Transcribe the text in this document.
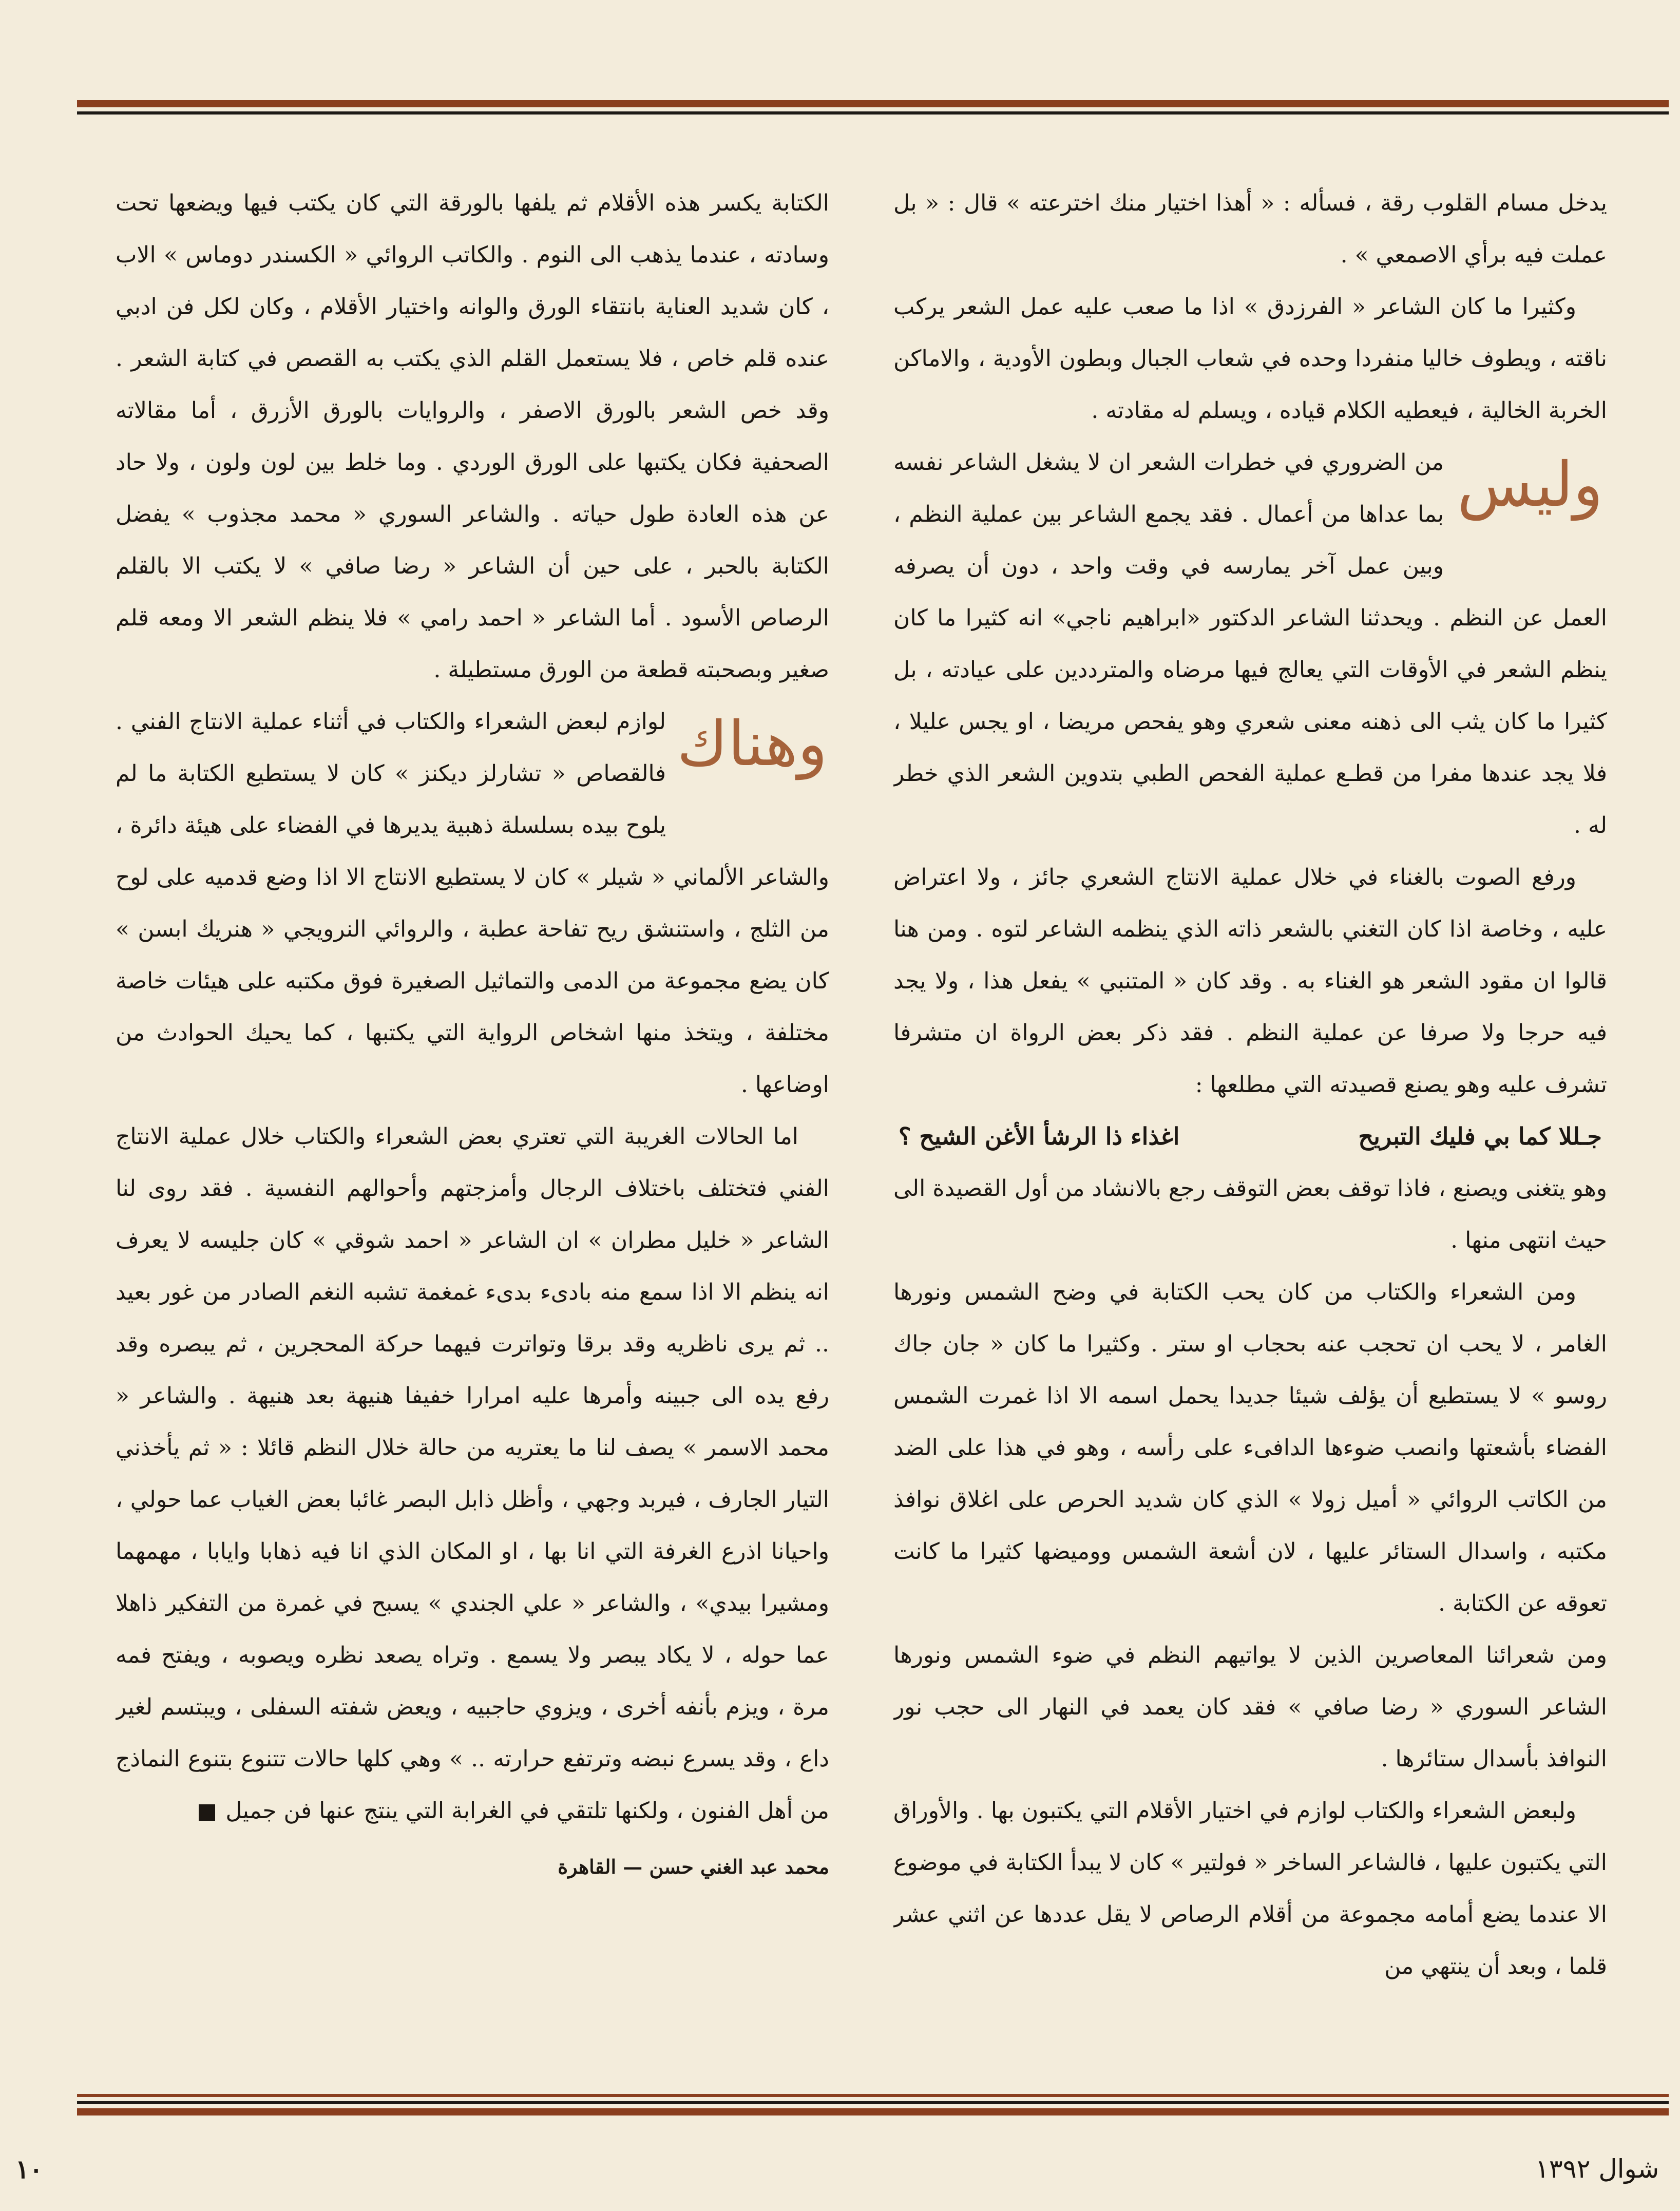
يدخل مسام القلوب رقة ، فسأله : « أهذا اختيار منك اخترعته » قال : « بل عملت فيه برأي الاصمعي » .

وكثيرا ما كان الشاعر « الفرزدق » اذا ما صعب عليه عمل الشعر يركب ناقته ، ويطوف خاليا منفردا وحده في شعاب الجبال وبطون الأودية ، والاماكن الخربة الخالية ، فيعطيه الكلام قياده ، ويسلم له مقادته .

وليس
من الضروري في خطرات الشعر ان لا يشغل الشاعر نفسه بما عداها من أعمال . فقد يجمع الشاعر بين عملية النظم ، وبين عمل آخر يمارسه في وقت واحد ، دون أن يصرفه العمل عن النظم . ويحدثنا الشاعر الدكتور «ابراهيم ناجي» انه كثيرا ما كان ينظم الشعر في الأوقات التي يعالج فيها مرضاه والمترددين على عيادته ، بل كثيرا ما كان يثب الى ذهنه معنى شعري وهو يفحص مريضا ، او يجس عليلا ، فلا يجد عندها مفرا من قطـع عملية الفحص الطبي بتدوين الشعر الذي خطر له .

ورفع الصوت بالغناء في خلال عملية الانتاج الشعري جائز ، ولا اعتراض عليه ، وخاصة اذا كان التغني بالشعر ذاته الذي ينظمه الشاعر لتوه . ومن هنا قالوا ان مقود الشعر هو الغناء به . وقد كان « المتنبي » يفعل هذا ، ولا يجد فيه حرجا ولا صرفا عن عملية النظم . فقد ذكر بعض الرواة ان متشرفا تشرف عليه وهو يصنع قصيدته التي مطلعها :

جـللا كما بي فليك التبريح
اغذاء ذا الرشأ الأغن الشيح ؟

وهو يتغنى ويصنع ، فاذا توقف بعض التوقف رجع بالانشاد من أول القصيدة الى حيث انتهى منها .

ومن الشعراء والكتاب من كان يحب الكتابة في وضح الشمس ونورها الغامر ، لا يحب ان تحجب عنه بحجاب او ستر . وكثيرا ما كان « جان جاك روسو » لا يستطيع أن يؤلف شيئا جديدا يحمل اسمه الا اذا غمرت الشمس الفضاء بأشعتها وانصب ضوءها الدافىء على رأسه ، وهو في هذا على الضد من الكاتب الروائي « أميل زولا » الذي كان شديد الحرص على اغلاق نوافذ مكتبه ، واسدال الستائر عليها ، لان أشعة الشمس ووميضها كثيرا ما كانت تعوقه عن الكتابة .

ومن شعرائنا المعاصرين الذين لا يواتيهم النظم في ضوء الشمس ونورها الشاعر السوري « رضا صافي » فقد كان يعمد في النهار الى حجب نور النوافذ بأسدال ستائرها .

ولبعض الشعراء والكتاب لوازم في اختيار الأقلام التي يكتبون بها . والأوراق التي يكتبون عليها ، فالشاعر الساخر « فولتير » كان لا يبدأ الكتابة في موضوع الا عندما يضع أمامه مجموعة من أقلام الرصاص لا يقل عددها عن اثني عشر قلما ، وبعد أن ينتهي من

الكتابة يكسر هذه الأقلام ثم يلفها بالورقة التي كان يكتب فيها ويضعها تحت وسادته ، عندما يذهب الى النوم . والكاتب الروائي « الكسندر دوماس » الاب ، كان شديد العناية بانتقاء الورق والوانه واختيار الأقلام ، وكان لكل فن ادبي عنده قلم خاص ، فلا يستعمل القلم الذي يكتب به القصص في كتابة الشعر . وقد خص الشعر بالورق الاصفر ، والروايات بالورق الأزرق ، أما مقالاته الصحفية فكان يكتبها على الورق الوردي . وما خلط بين لون ولون ، ولا حاد عن هذه العادة طول حياته . والشاعر السوري « محمد مجذوب » يفضل الكتابة بالحبر ، على حين أن الشاعر « رضا صافي » لا يكتب الا بالقلم الرصاص الأسود . أما الشاعر « احمد رامي » فلا ينظم الشعر الا ومعه قلم صغير وبصحبته قطعة من الورق مستطيلة .

وهناك
لوازم لبعض الشعراء والكتاب في أثناء عملية الانتاج الفني . فالقصاص « تشارلز ديكنز » كان لا يستطيع الكتابة ما لم يلوح بيده بسلسلة ذهبية يديرها في الفضاء على هيئة دائرة ، والشاعر الألماني « شيلر » كان لا يستطيع الانتاج الا اذا وضع قدميه على لوح من الثلج ، واستنشق ريح تفاحة عطبة ، والروائي النرويجي « هنريك ابسن » كان يضع مجموعة من الدمى والتماثيل الصغيرة فوق مكتبه على هيئات خاصة مختلفة ، ويتخذ منها اشخاص الرواية التي يكتبها ، كما يحيك الحوادث من اوضاعها .

اما الحالات الغريبة التي تعتري بعض الشعراء والكتاب خلال عملية الانتاج الفني فتختلف باختلاف الرجال وأمزجتهم وأحوالهم النفسية . فقد روى لنا الشاعر « خليل مطران » ان الشاعر « احمد شوقي » كان جليسه لا يعرف انه ينظم الا اذا سمع منه بادىء بدىء غمغمة تشبه النغم الصادر من غور بعيد .. ثم يرى ناظريه وقد برقا وتواترت فيهما حركة المحجرين ، ثم يبصره وقد رفع يده الى جبينه وأمرها عليه امرارا خفيفا هنيهة بعد هنيهة . والشاعر « محمد الاسمر » يصف لنا ما يعتريه من حالة خلال النظم قائلا : « ثم يأخذني التيار الجارف ، فيربد وجهي ، وأظل ذابل البصر غائبا بعض الغياب عما حولي ، واحيانا اذرع الغرفة التي انا بها ، او المكان الذي انا فيه ذهابا وايابا ، مهمهما ومشيرا بيدي» ، والشاعر « علي الجندي » يسبح في غمرة من التفكير ذاهلا عما حوله ، لا يكاد يبصر ولا يسمع . وتراه يصعد نظره ويصوبه ، ويفتح فمه مرة ، ويزم بأنفه أخرى ، ويزوي حاجبيه ، ويعض شفته السفلى ، ويبتسم لغير داع ، وقد يسرع نبضه وترتفع حرارته .. » وهي كلها حالات تتنوع بتنوع النماذج من أهل الفنون ، ولكنها تلتقي في الغرابة التي ينتج عنها فن جميل

محمد عبد الغني حسن — القاهرة

شوال ١٣٩٢
١٠
